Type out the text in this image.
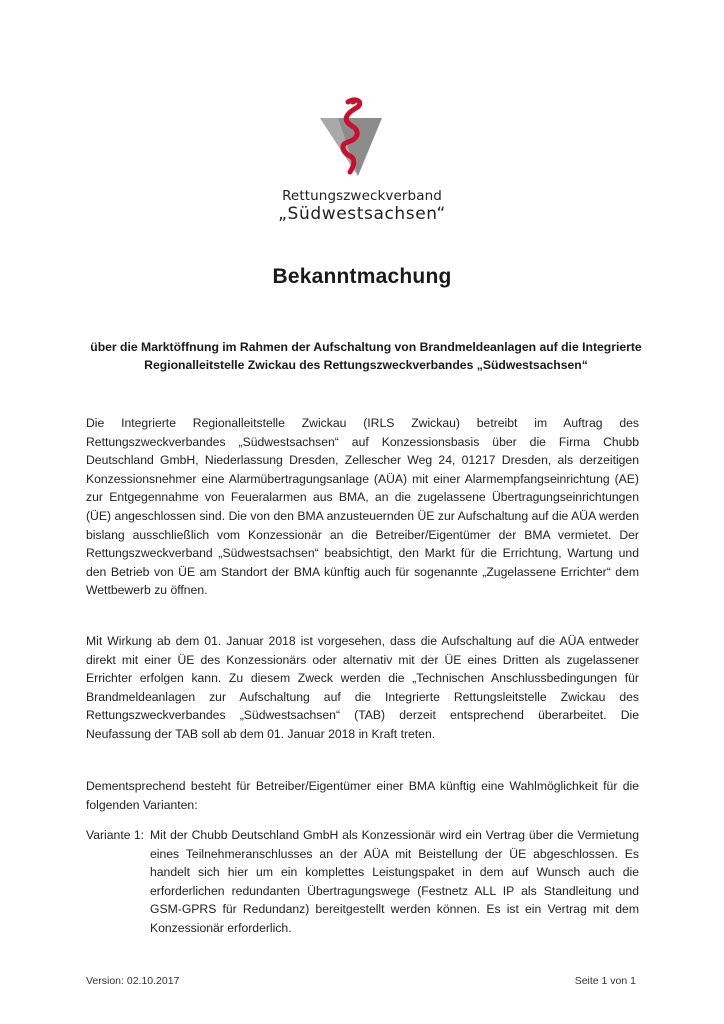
Rettungszweckverband
„Südwestsachsen“
Bekanntmachung
über die Marktöffnung im Rahmen der Aufschaltung von Brandmeldeanlagen auf die Integrierte Regionalleitstelle Zwickau des Rettungszweckverbandes „Südwestsachsen“
Die Integrierte Regionalleitstelle Zwickau (IRLS Zwickau) betreibt im Auftrag des Rettungszweckverbandes „Südwestsachsen“ auf Konzessionsbasis über die Firma Chubb Deutschland GmbH, Niederlassung Dresden, Zellescher Weg 24, 01217 Dresden, als derzeitigen Konzessionsnehmer eine Alarmübertragungsanlage (AÜA) mit einer Alarmempfangseinrichtung (AE) zur Entgegennahme von Feueralarmen aus BMA, an die zugelassene Übertragungseinrichtungen (ÜE) angeschlossen sind. Die von den BMA anzusteuernden ÜE zur Aufschaltung auf die AÜA werden bislang ausschließlich vom Konzessionär an die Betreiber/Eigentümer der BMA vermietet. Der Rettungszweckverband „Südwestsachsen“ beabsichtigt, den Markt für die Errichtung, Wartung und den Betrieb von ÜE am Standort der BMA künftig auch für sogenannte „Zugelassene Errichter“ dem Wettbewerb zu öffnen.
Mit Wirkung ab dem 01. Januar 2018 ist vorgesehen, dass die Aufschaltung auf die AÜA entweder direkt mit einer ÜE des Konzessionärs oder alternativ mit der ÜE eines Dritten als zugelassener Errichter erfolgen kann. Zu diesem Zweck werden die „Technischen Anschlussbedingungen für Brandmeldeanlagen zur Aufschaltung auf die Integrierte Rettungsleitstelle Zwickau des Rettungszweckverbandes „Südwestsachsen“ (TAB) derzeit entsprechend überarbeitet. Die Neufassung der TAB soll ab dem 01. Januar 2018 in Kraft treten.
Dementsprechend besteht für Betreiber/Eigentümer einer BMA künftig eine Wahlmöglichkeit für die folgenden Varianten:
Variante 1: Mit der Chubb Deutschland GmbH als Konzessionär wird ein Vertrag über die Vermietung eines Teilnehmeranschlusses an der AÜA mit Beistellung der ÜE abgeschlossen. Es handelt sich hier um ein komplettes Leistungspaket in dem auf Wunsch auch die erforderlichen redundanten Übertragungswege (Festnetz ALL IP als Standleitung und GSM-GPRS für Redundanz) bereitgestellt werden können. Es ist ein Vertrag mit dem Konzessionär erforderlich.
Version: 02.10.2017	Seite 1 von 1
